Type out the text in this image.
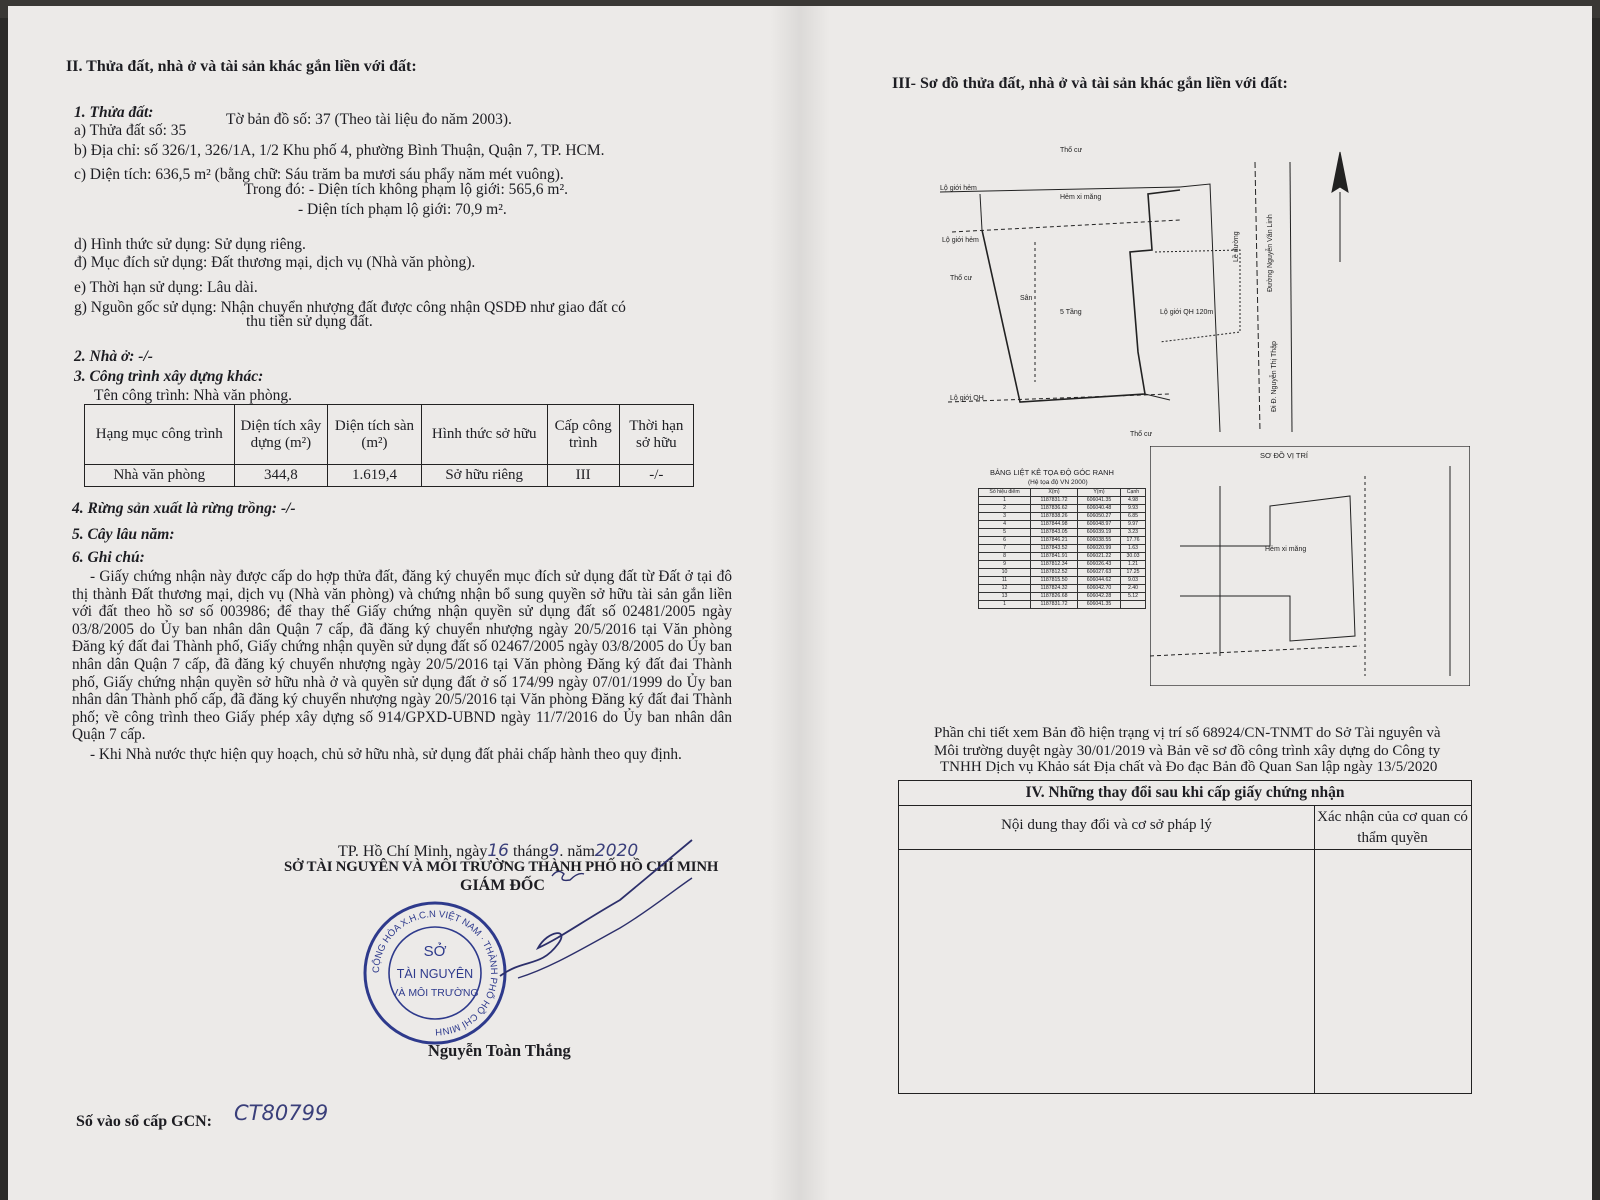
II. Thửa đất, nhà ở và tài sản khác gắn liền với đất:
1. Thửa đất:
a) Thửa đất số: 35
Tờ bản đồ số: 37 (Theo tài liệu đo năm 2003).
b) Địa chỉ: số 326/1, 326/1A, 1/2 Khu phố 4, phường Bình Thuận, Quận 7, TP. HCM.
c) Diện tích: 636,5 m² (bằng chữ: Sáu trăm ba mươi sáu phẩy năm mét vuông).
Trong đó: - Diện tích không phạm lộ giới: 565,6 m².
- Diện tích phạm lộ giới: 70,9 m².
d) Hình thức sử dụng: Sử dụng riêng.
đ) Mục đích sử dụng: Đất thương mại, dịch vụ (Nhà văn phòng).
e) Thời hạn sử dụng: Lâu dài.
g) Nguồn gốc sử dụng: Nhận chuyển nhượng đất được công nhận QSDĐ như giao đất có
thu tiền sử dụng đất.
2. Nhà ở: -/-
3. Công trình xây dựng khác:
Tên công trình: Nhà văn phòng.
Hạng mục công trình	Diện tích xây dựng (m²)	Diện tích sàn (m²)	Hình thức sở hữu	Cấp công trình	Thời hạn sở hữu
Nhà văn phòng	344,8	1.619,4	Sở hữu riêng	III	-/-
4. Rừng sản xuất là rừng trồng: -/-
5. Cây lâu năm:
6. Ghi chú:

- Giấy chứng nhận này được cấp do hợp thửa đất, đăng ký chuyển mục đích sử dụng đất từ Đất ở tại đô thị thành Đất thương mại, dịch vụ (Nhà văn phòng) và chứng nhận bổ sung quyền sở hữu tài sản gắn liền với đất theo hồ sơ số 003986; để thay thế Giấy chứng nhận quyền sử dụng đất số 02481/2005 ngày 03/8/2005 do Ủy ban nhân dân Quận 7 cấp, đã đăng ký chuyển nhượng ngày 20/5/2016 tại Văn phòng Đăng ký đất đai Thành phố, Giấy chứng nhận quyền sử dụng đất số 02467/2005 ngày 03/8/2005 do Ủy ban nhân dân Quận 7 cấp, đã đăng ký chuyển nhượng ngày 20/5/2016 tại Văn phòng Đăng ký đất đai Thành phố, Giấy chứng nhận quyền sở hữu nhà ở và quyền sử dụng đất ở số 174/99 ngày 07/01/1999 do Ủy ban nhân dân Thành phố cấp, đã đăng ký chuyển nhượng ngày 20/5/2016 tại Văn phòng Đăng ký đất đai Thành phố; về công trình theo Giấy phép xây dựng số 914/GPXD-UBND ngày 11/7/2016 do Ủy ban nhân dân Quận 7 cấp.

- Khi Nhà nước thực hiện quy hoạch, chủ sở hữu nhà, sử dụng đất phải chấp hành theo quy định.

TP. Hồ Chí Minh, ngày16 tháng9. năm2020
SỞ TÀI NGUYÊN VÀ MÔI TRƯỜNG THÀNH PHỐ HỒ CHÍ MINH
GIÁM ĐỐC
CỘNG HÒA X.H.C.N VIỆT NAM · THÀNH PHỐ HỒ CHÍ MINH
SỞ
TÀI NGUYÊN
VÀ MÔI TRƯỜNG
Nguyễn Toàn Thắng
Số vào sổ cấp GCN: CT80799
III- Sơ đồ thửa đất, nhà ở và tài sản khác gắn liền với đất:
Thổ cư
Lộ giới hẻm
Hẻm xi măng
Lộ giới hẻm
Thổ cư
Sân
5 Tầng	Lộ giới QH 120m
Lộ giới QH
Thổ cư
Lề đường	Đường Nguyễn Văn Linh
Đi Đ. Nguyễn Thị Thập
BẢNG LIỆT KÊ TỌA ĐỘ GÓC RANH
(Hệ tọa độ VN 2000)
Số hiệu điểm	X(m)	Y(m)	Cạnh
1	1187831.72	606041.35	4.98
2	1187836.62	606040.48	9.93
3	1187838.26	606050.27	6.85
4	1187844.98	606048.97	9.97
5	1187843.05	606039.19	3.23
6	1187846.21	606038.55	17.76
7	1187843.52	606020.99	1.63
8	1187841.91	606021.22	30.03
9	1187812.34	606026.43	1.21
10	1187812.52	606027.63	17.25
11	1187815.50	606044.62	9.03
12	1187824.32	606042.70	2.40
13	1187826.68	606042.28	5.12
1	1187831.72	606041.35	
SƠ ĐỒ VỊ TRÍ
Hẻm xi măng
Phần chi tiết xem Bản đồ hiện trạng vị trí số 68924/CN-TNMT do Sở Tài nguyên và
Môi trường duyệt ngày 30/01/2019 và Bản vẽ sơ đồ công trình xây dựng do Công ty
TNHH Dịch vụ Khảo sát Địa chất và Đo đạc Bản đồ Quan San lập ngày 13/5/2020
IV. Những thay đổi sau khi cấp giấy chứng nhận
Nội dung thay đổi và cơ sở pháp lý	Xác nhận của cơ quan có thẩm quyền
